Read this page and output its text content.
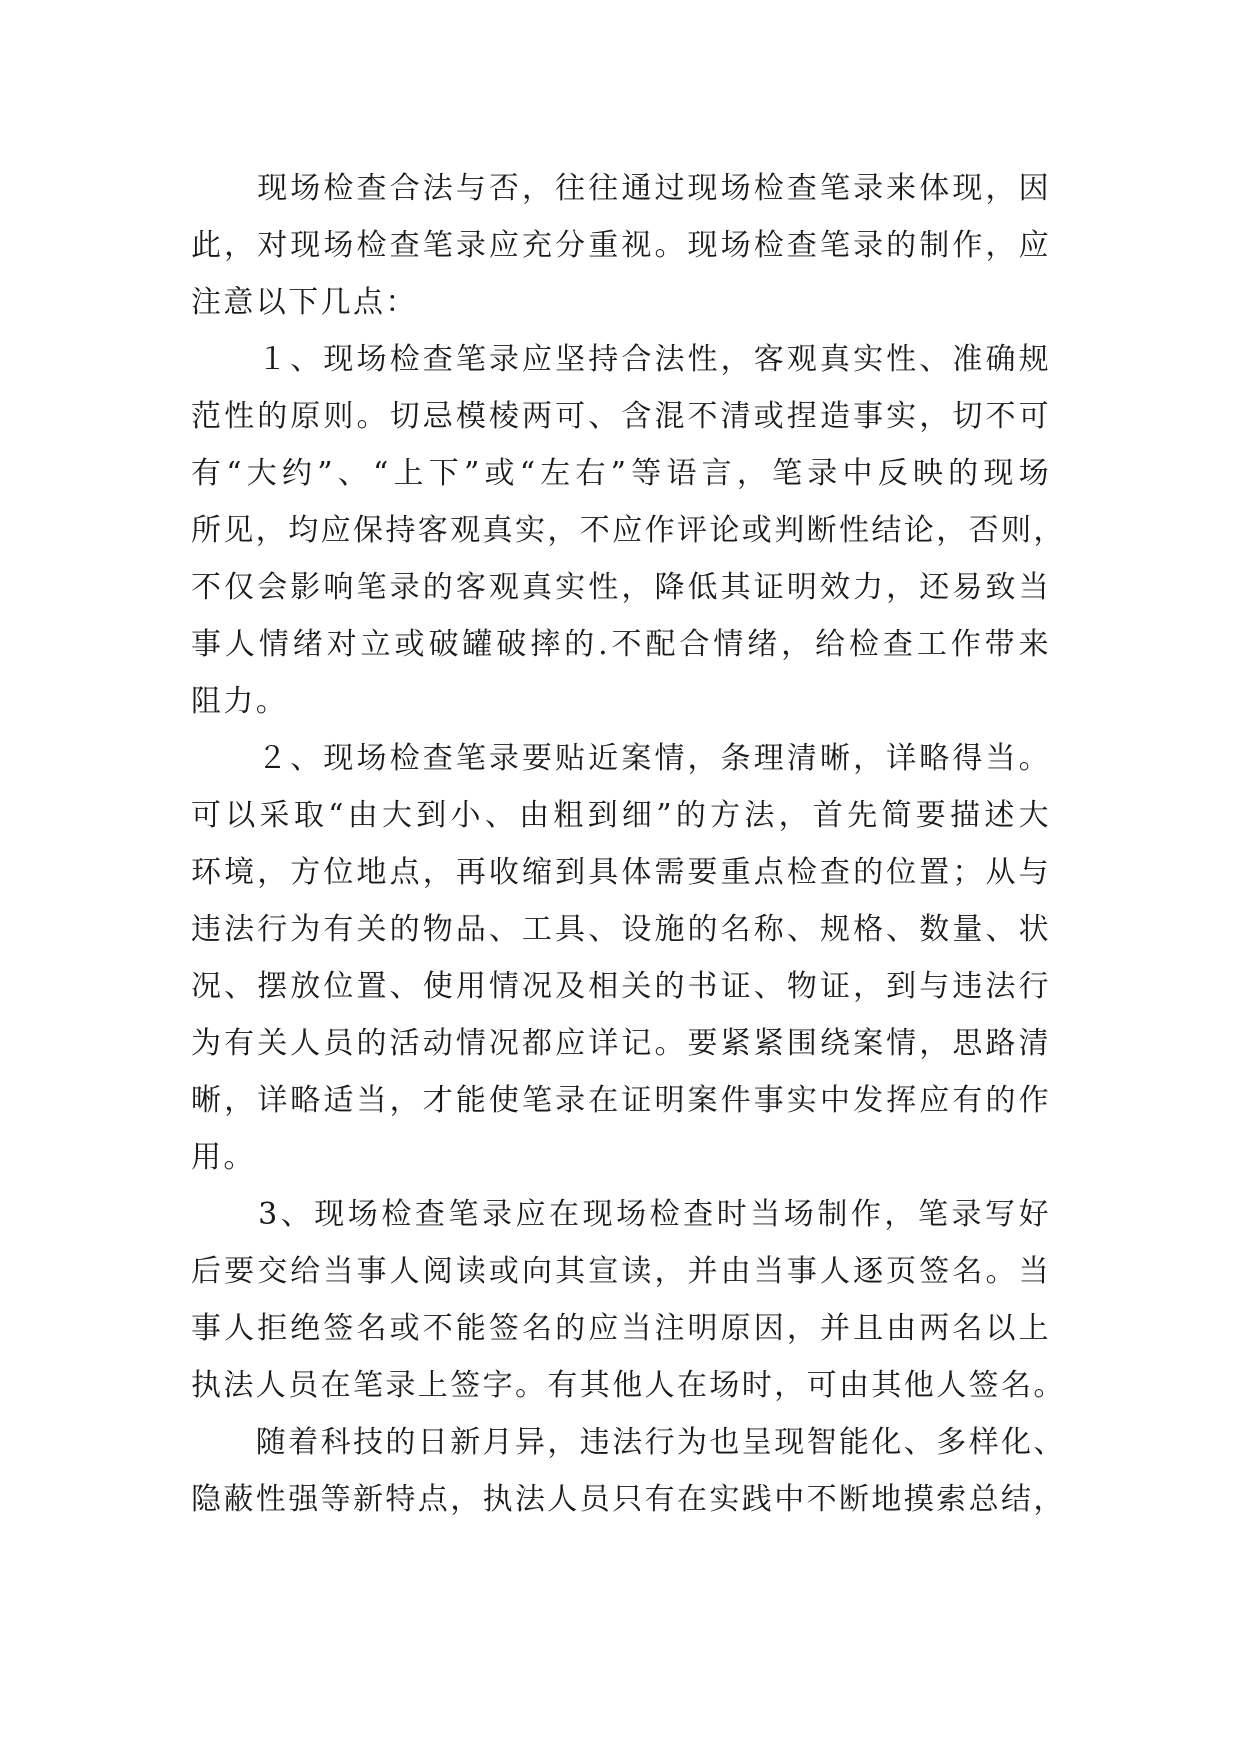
　　现场检查合法与否，往往通过现场检查笔录来体现，因
此，对现场检查笔录应充分重视。现场检查笔录的制作，应
注意以下几点：
　　１、现场检查笔录应坚持合法性，客观真实性、准确规
范性的原则。切忌模棱两可、含混不清或捏造事实，切不可
有“大约”、“上下”或“左右”等语言，笔录中反映的现场
所见，均应保持客观真实，不应作评论或判断性结论，否则，
不仅会影响笔录的客观真实性，降低其证明效力，还易致当
事人情绪对立或破罐破摔的.不配合情绪，给检查工作带来
阻力。
　　２、现场检查笔录要贴近案情，条理清晰，详略得当。
可以采取“由大到小、由粗到细”的方法，首先简要描述大
环境，方位地点，再收缩到具体需要重点检查的位置；从与
违法行为有关的物品、工具、设施的名称、规格、数量、状
况、摆放位置、使用情况及相关的书证、物证，到与违法行
为有关人员的活动情况都应详记。要紧紧围绕案情，思路清
晰，详略适当，才能使笔录在证明案件事实中发挥应有的作
用。
　　3、现场检查笔录应在现场检查时当场制作，笔录写好
后要交给当事人阅读或向其宣读，并由当事人逐页签名。当
事人拒绝签名或不能签名的应当注明原因，并且由两名以上
执法人员在笔录上签字。有其他人在场时，可由其他人签名。
　　随着科技的日新月异，违法行为也呈现智能化、多样化、
隐蔽性强等新特点，执法人员只有在实践中不断地摸索总结，
